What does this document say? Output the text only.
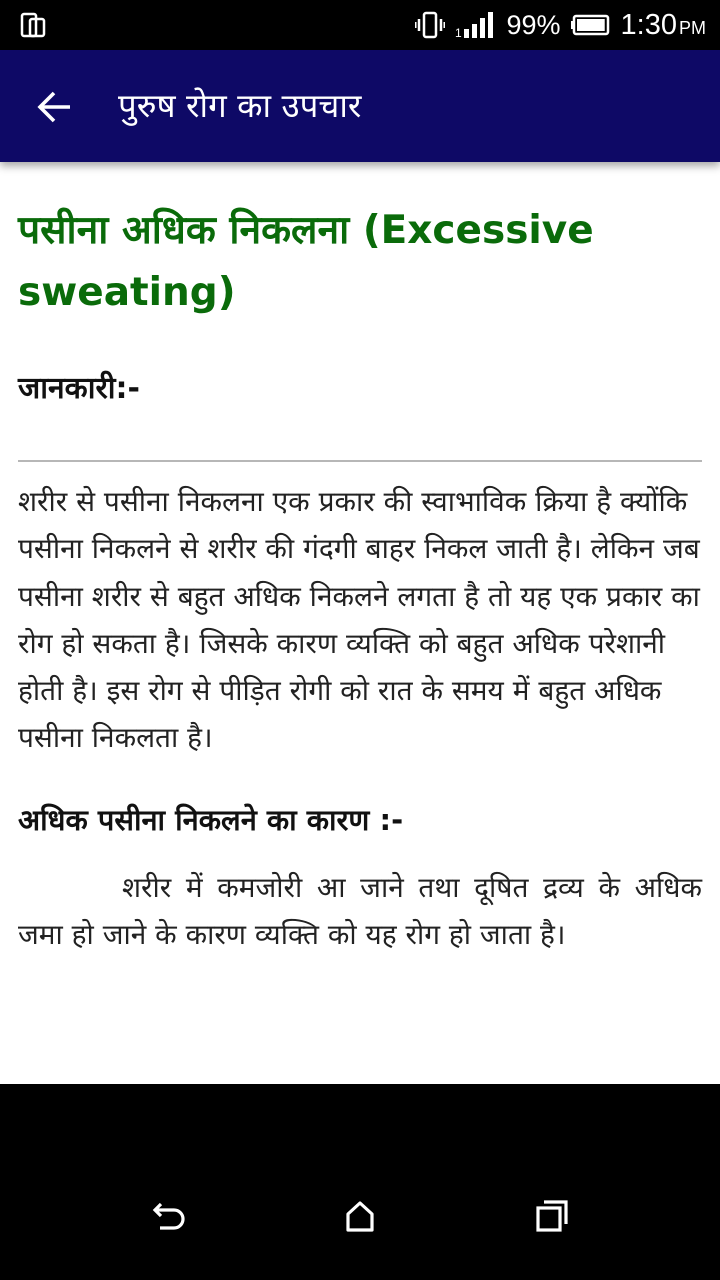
1 99% 1:30 PM
पुरुष रोग का उपचार
पसीना अधिक निकलना (Excessive sweating)
जानकारी:-

शरीर से पसीना निकलना एक प्रकार की स्वाभाविक क्रिया है क्योंकि पसीना निकलने से शरीर की गंदगी बाहर निकल जाती है। लेकिन जब पसीना शरीर से बहुत अधिक निकलने लगता है तो यह एक प्रकार का रोग हो सकता है। जिसके कारण व्यक्ति को बहुत अधिक परेशानी होती है। इस रोग से पीड़ित रोगी को रात के समय में बहुत अधिक पसीना निकलता है।

अधिक पसीना निकलने का कारण :-

शरीर में कमजोरी आ जाने तथा दूषित द्रव्य के अधिक जमा हो जाने के कारण व्यक्ति को यह रोग हो जाता है।
